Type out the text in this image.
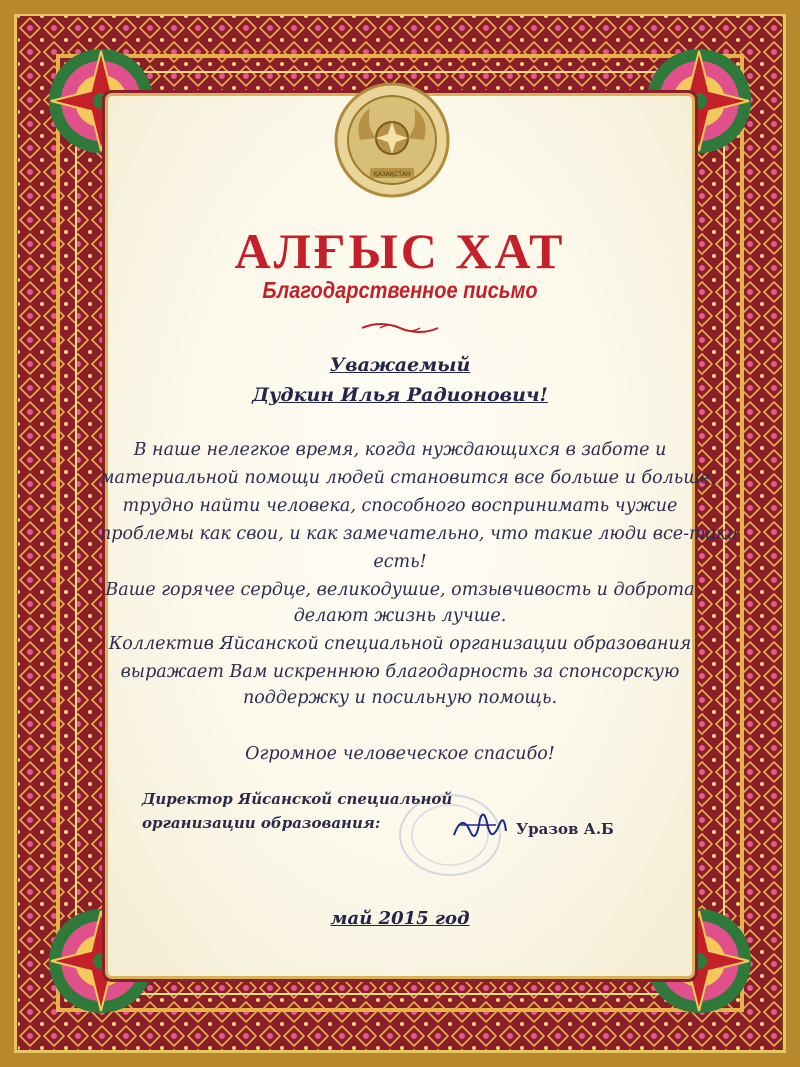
ҚАЗАҚСТАН
АЛҒЫС ХАТ
Благодарственное письмо

Уважаемый

Дудкин Илья Радионович!

В наше нелегкое время, когда нуждающихся в заботе и

материальной помощи людей становится все больше и больше,

трудно найти человека, способного воспринимать чужие

проблемы как свои, и как замечательно, что такие люди все-таки

есть!

Ваше горячее сердце, великодушие, отзывчивость и доброта

делают жизнь лучше.

Коллектив Яйсанской специальной организации образования

выражает Вам искреннюю благодарность за спонсорскую

поддержку и посильную помощь.

Огромное человеческое спасибо!

Директор Яйсанской специальной

организации образования:	Уразов А.Б

май 2015 год
